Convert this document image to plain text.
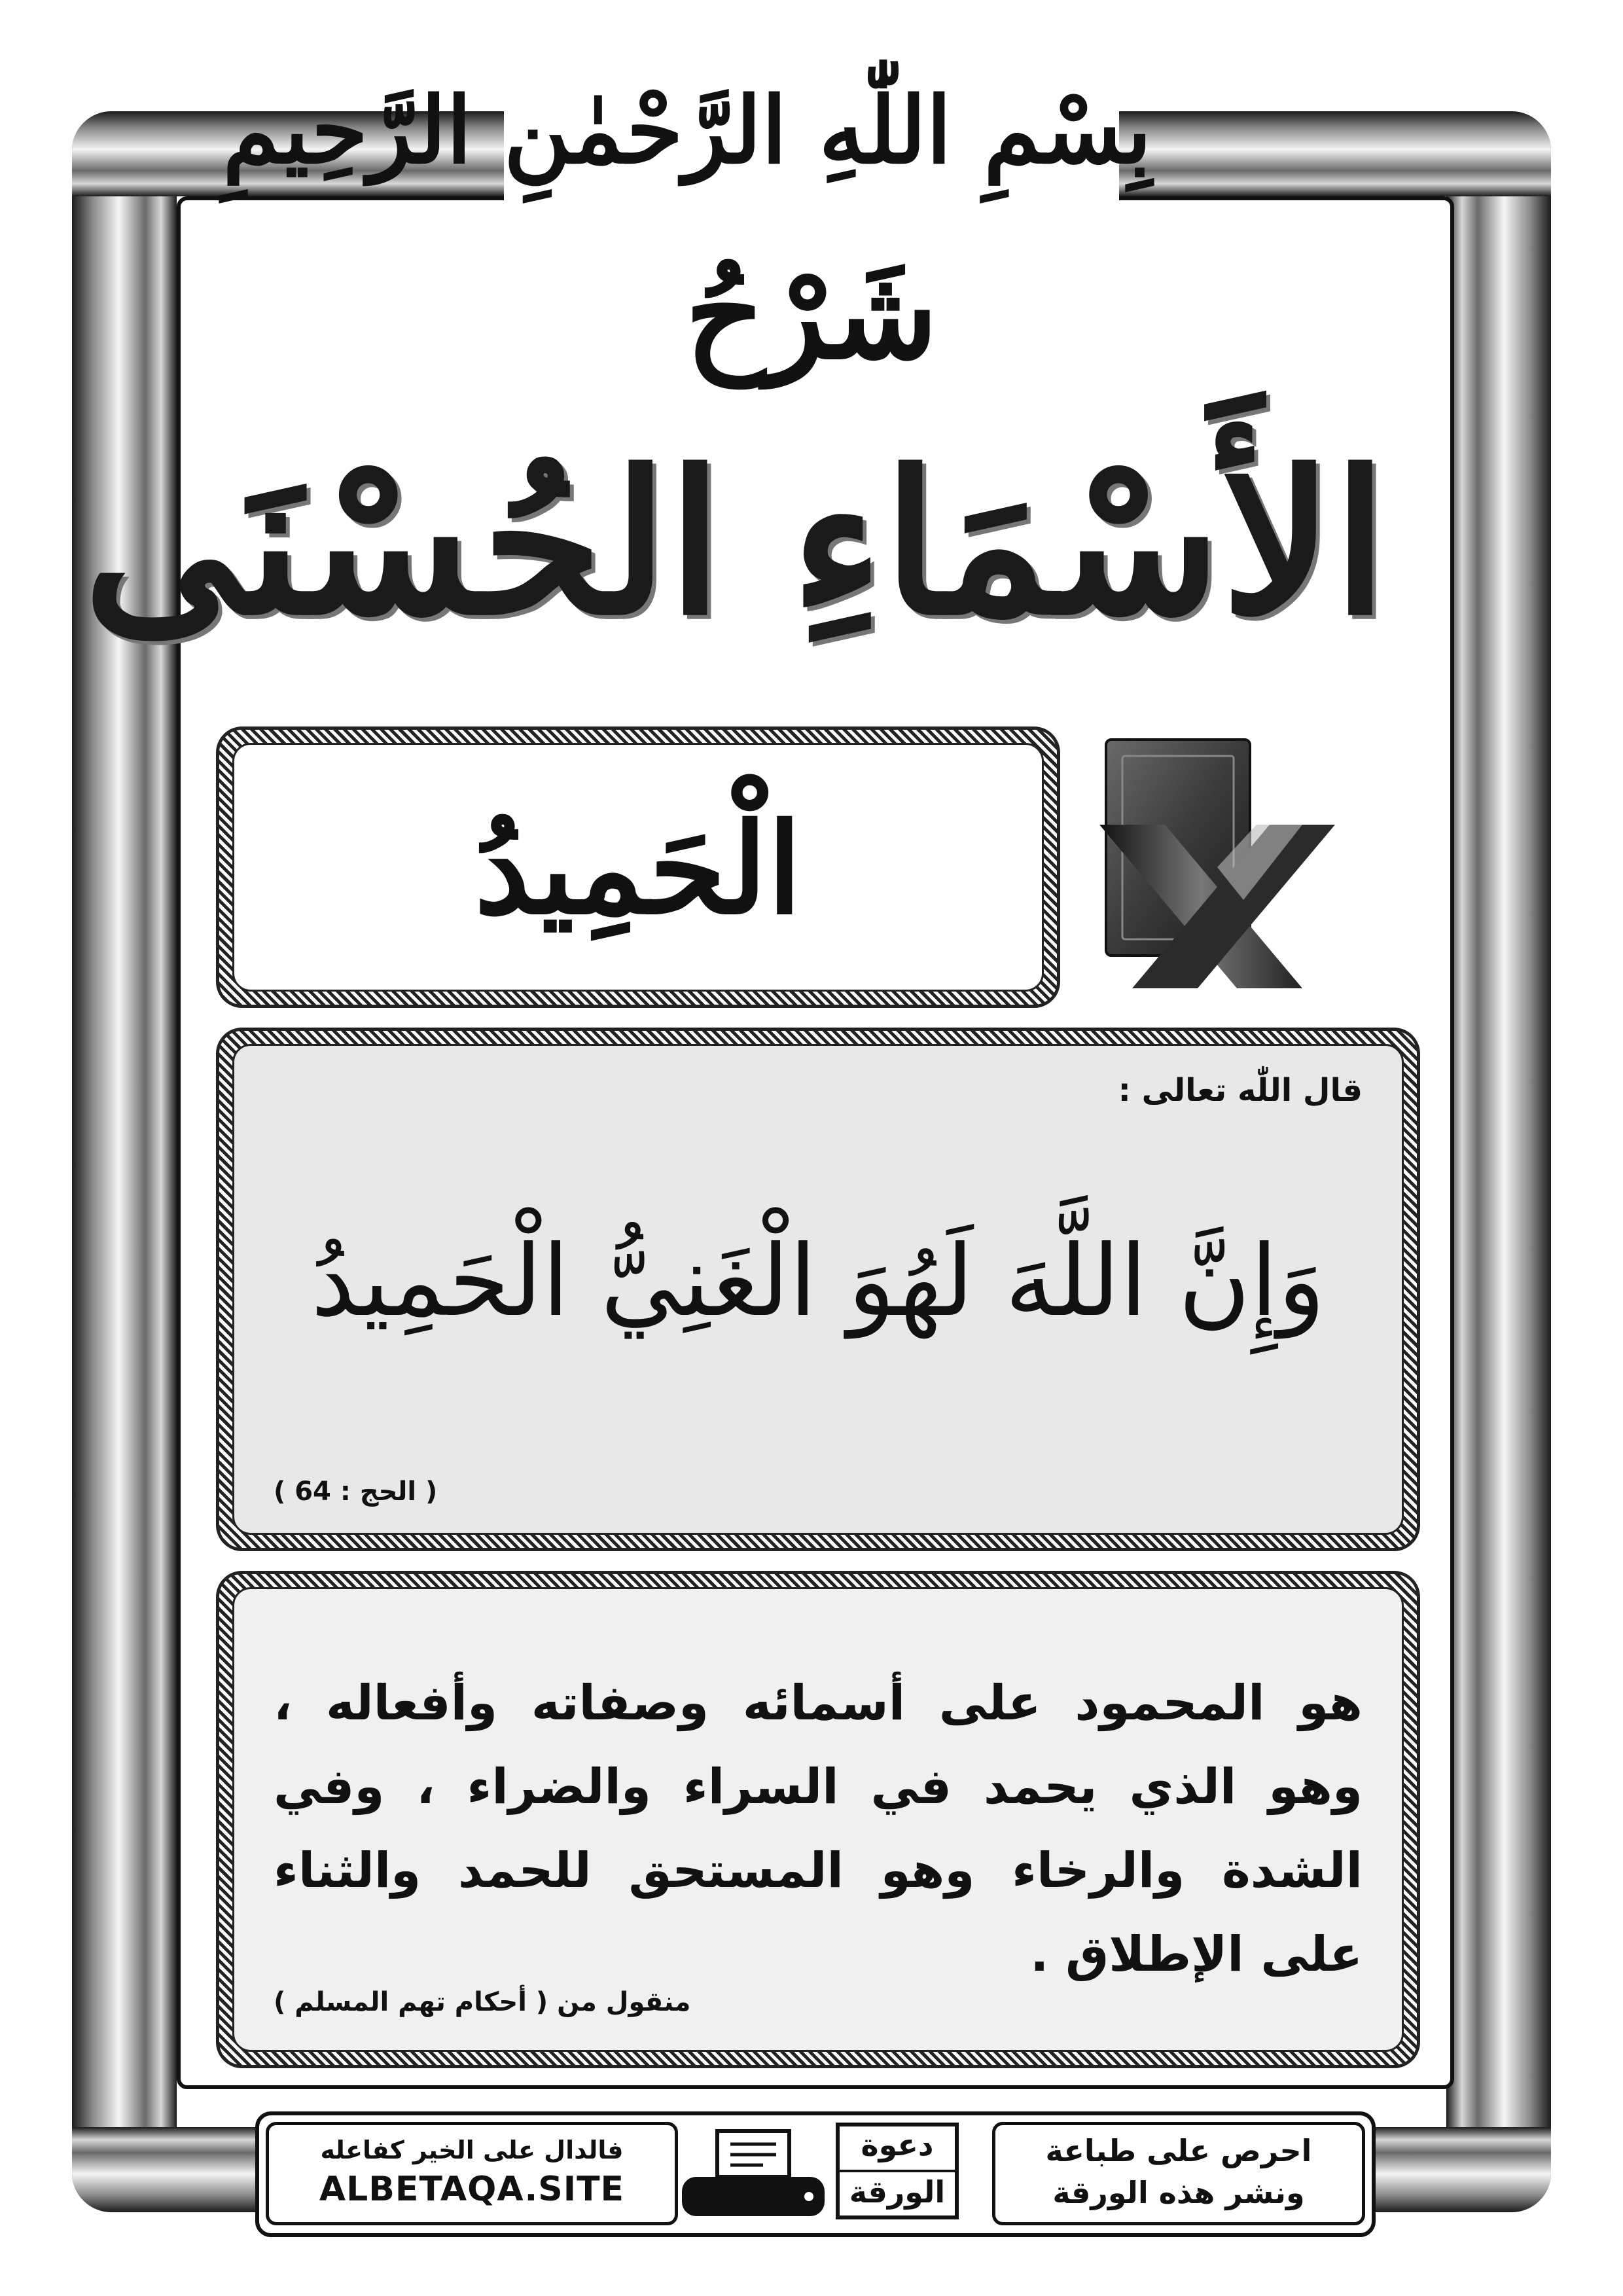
بِسْمِ اللّٰهِ الرَّحْمٰنِ الرَّحِيمِ
شَرْحُ
الأَسْمَاءِ الحُسْنَى
الْحَمِيدُ
قال اللّٰه تعالى :
وَإِنَّ اللَّهَ لَهُوَ الْغَنِيُّ الْحَمِيدُ
( الحج : 64 )
هو المحمود على أسمائه وصفاته وأفعاله ، وهو الذي يحمد في السراء والضراء ، وفي الشدة والرخاء وهو المستحق للحمد والثناء على الإطلاق .
منقول من ( أحكام تهم المسلم )
احرص على طباعة
ونشر هذه الورقة
دعوة
الورقة
فالدال على الخير كفاعله
ALBETAQA.SITE
